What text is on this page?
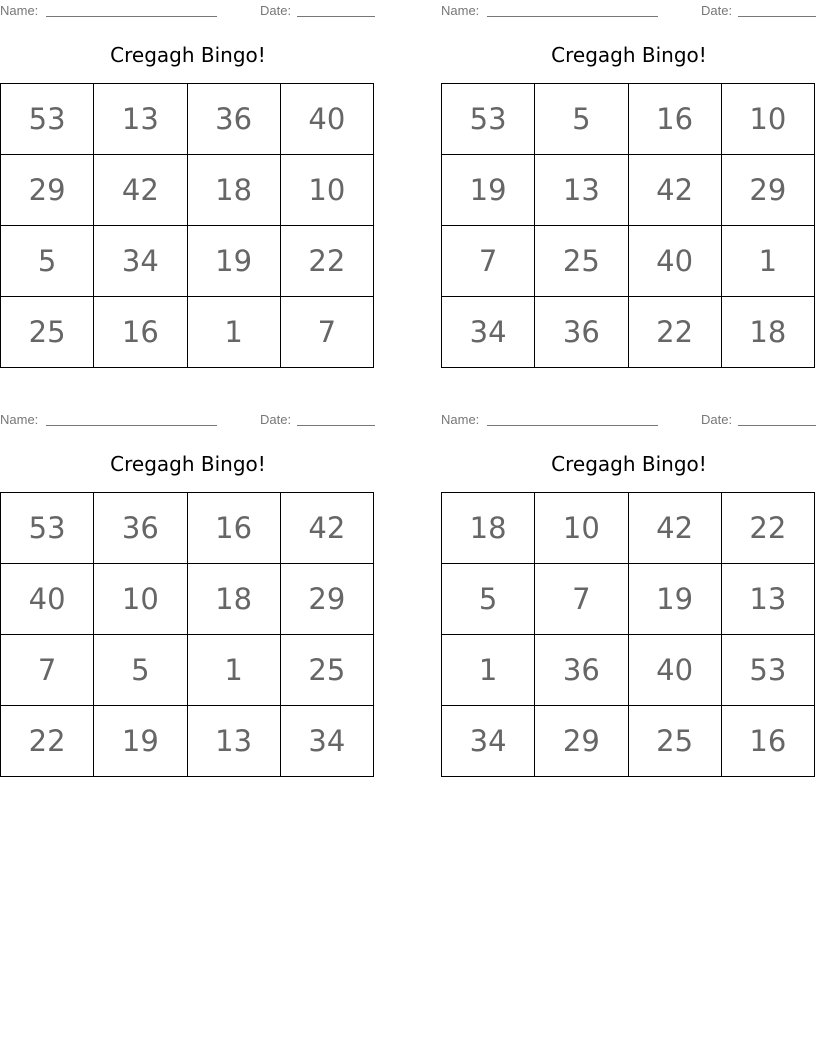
Name:	Date:
Cregagh Bingo!
53	13	36	40
29	42	18	10
5	34	19	22
25	16	1	7
Name:	Date:
Cregagh Bingo!
53	5	16	10
19	13	42	29
7	25	40	1
34	36	22	18
Name:	Date:
Cregagh Bingo!
53	36	16	42
40	10	18	29
7	5	1	25
22	19	13	34
Name:	Date:
Cregagh Bingo!
18	10	42	22
5	7	19	13
1	36	40	53
34	29	25	16
